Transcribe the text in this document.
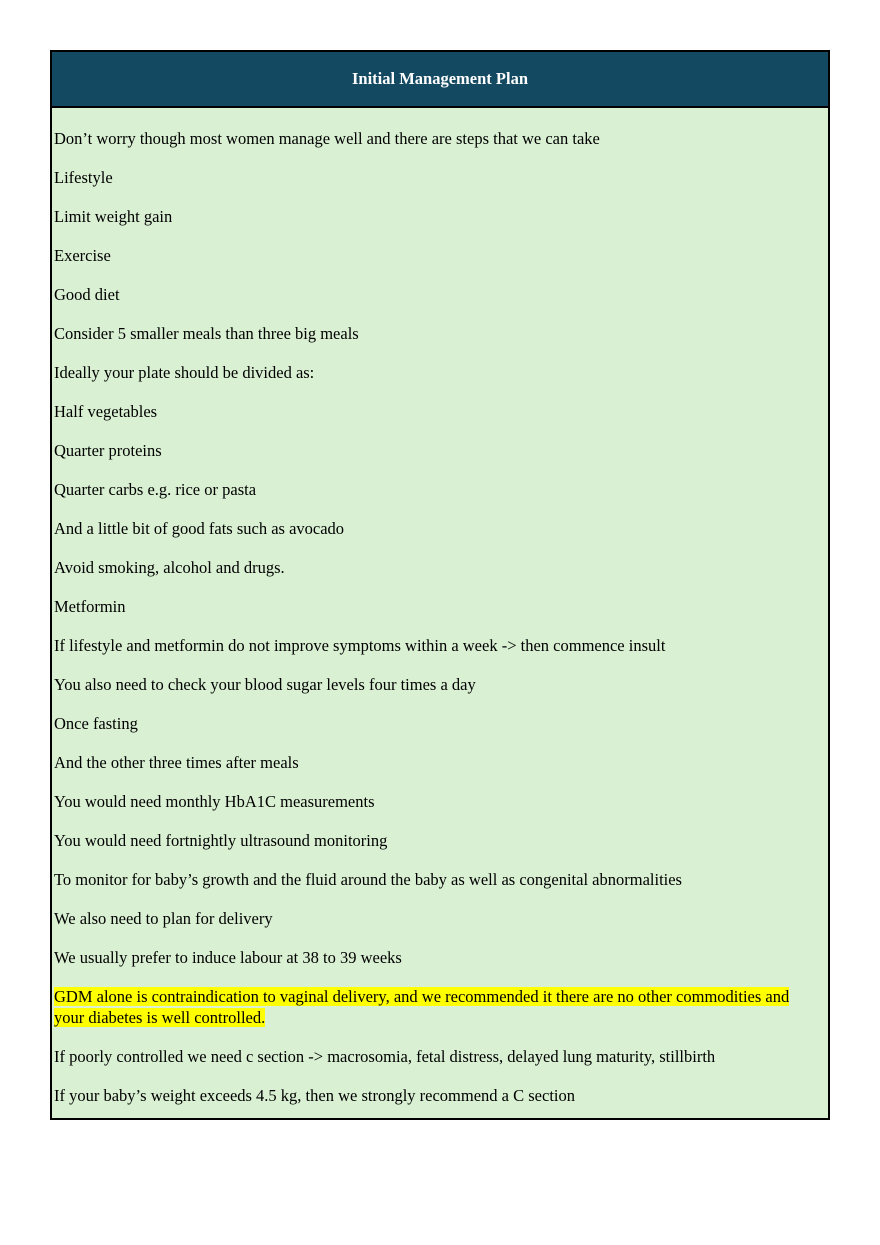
Initial Management Plan

Don’t worry though most women manage well and there are steps that we can take

Lifestyle

Limit weight gain

Exercise

Good diet

Consider 5 smaller meals than three big meals

Ideally your plate should be divided as:

Half vegetables

Quarter proteins

Quarter carbs e.g. rice or pasta

And a little bit of good fats such as avocado

Avoid smoking, alcohol and drugs.

Metformin

If lifestyle and metformin do not improve symptoms within a week -> then commence insult

You also need to check your blood sugar levels four times a day

Once fasting

And the other three times after meals

You would need monthly HbA1C measurements

You would need fortnightly ultrasound monitoring

To monitor for baby’s growth and the fluid around the baby as well as congenital abnormalities

We also need to plan for delivery

We usually prefer to induce labour at 38 to 39 weeks

GDM alone is contraindication to vaginal delivery, and we recommended it there are no other commodities and your diabetes is well controlled.

If poorly controlled we need c section -> macrosomia, fetal distress, delayed lung maturity, stillbirth

If your baby’s weight exceeds 4.5 kg, then we strongly recommend a C section
